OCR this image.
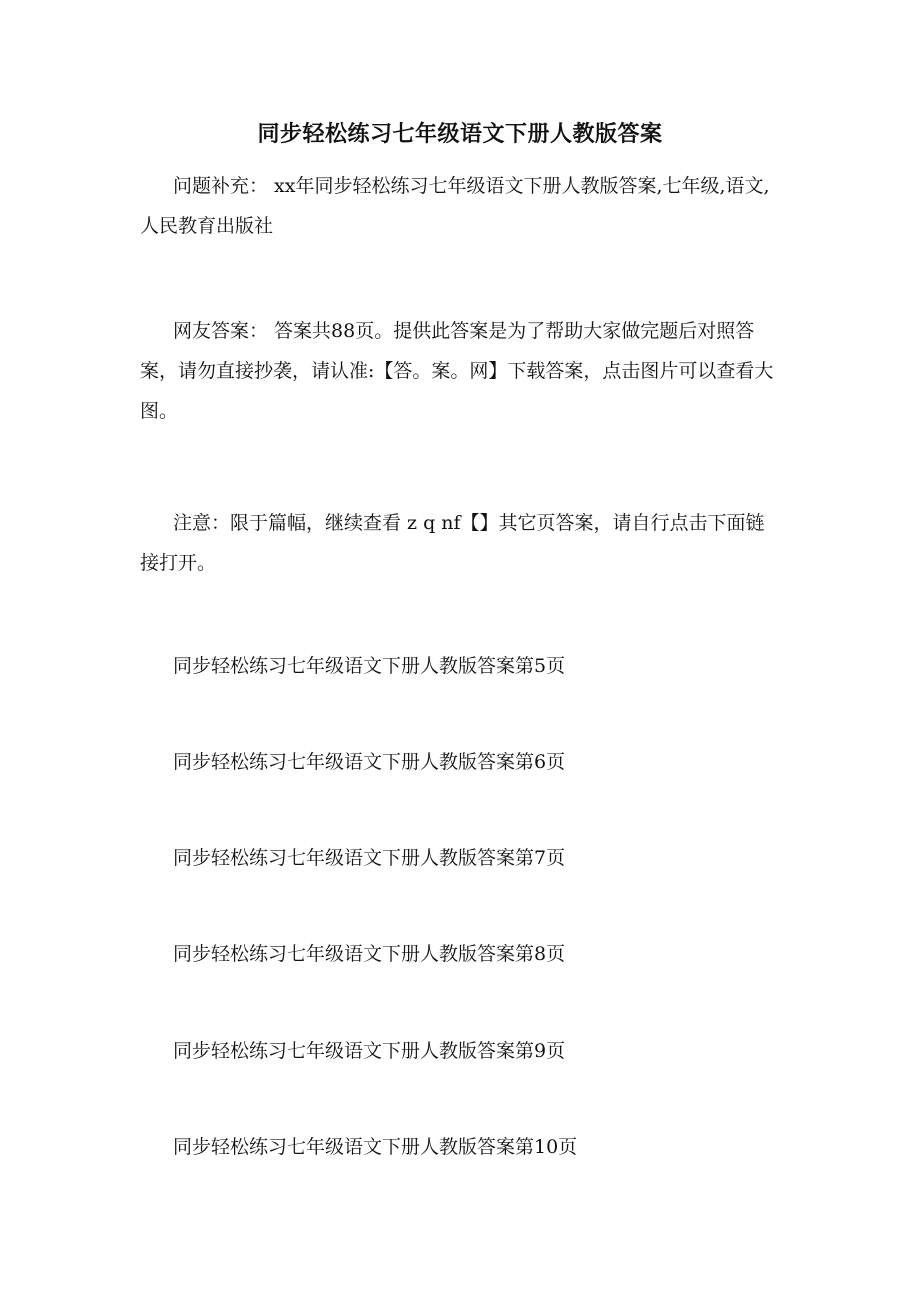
同步轻松练习七年级语文下册人教版答案

问题补充： xx年同步轻松练习七年级语文下册人教版答案,七年级,语文,人民教育出版社

网友答案： 答案共88页。提供此答案是为了帮助大家做完题后对照答案，请勿直接抄袭，请认准:【答。案。网】下载答案，点击图片可以查看大图。

注意：限于篇幅，继续查看 z q nf【】其它页答案，请自行点击下面链接打开。

同步轻松练习七年级语文下册人教版答案第5页
同步轻松练习七年级语文下册人教版答案第6页
同步轻松练习七年级语文下册人教版答案第7页
同步轻松练习七年级语文下册人教版答案第8页
同步轻松练习七年级语文下册人教版答案第9页
同步轻松练习七年级语文下册人教版答案第10页
